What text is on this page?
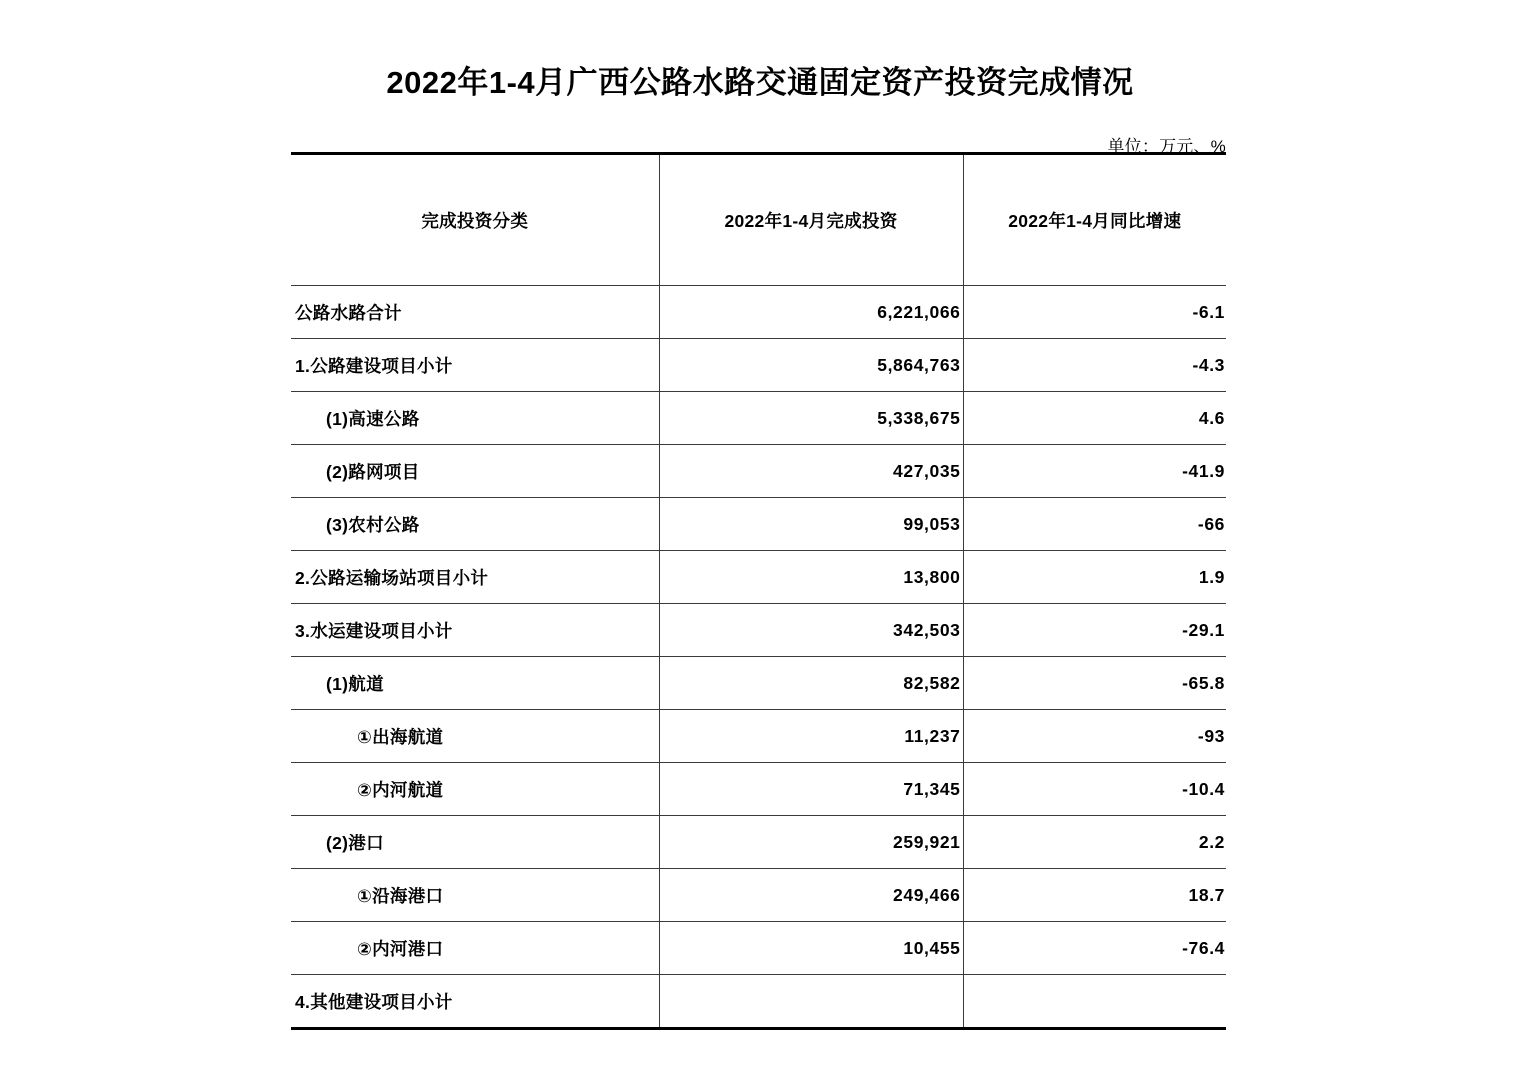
2022年1-4月广西公路水路交通固定资产投资完成情况
单位：万元、%
完成投资分类	2022年1-4月完成投资	2022年1-4月同比增速
公路水路合计	6,221,066	-6.1
1.公路建设项目小计	5,864,763	-4.3
(1)高速公路	5,338,675	4.6
(2)路网项目	427,035	-41.9
(3)农村公路	99,053	-66
2.公路运输场站项目小计	13,800	1.9
3.水运建设项目小计	342,503	-29.1
(1)航道	82,582	-65.8
①出海航道	11,237	-93
②内河航道	71,345	-10.4
(2)港口	259,921	2.2
①沿海港口	249,466	18.7
②内河港口	10,455	-76.4
4.其他建设项目小计		
